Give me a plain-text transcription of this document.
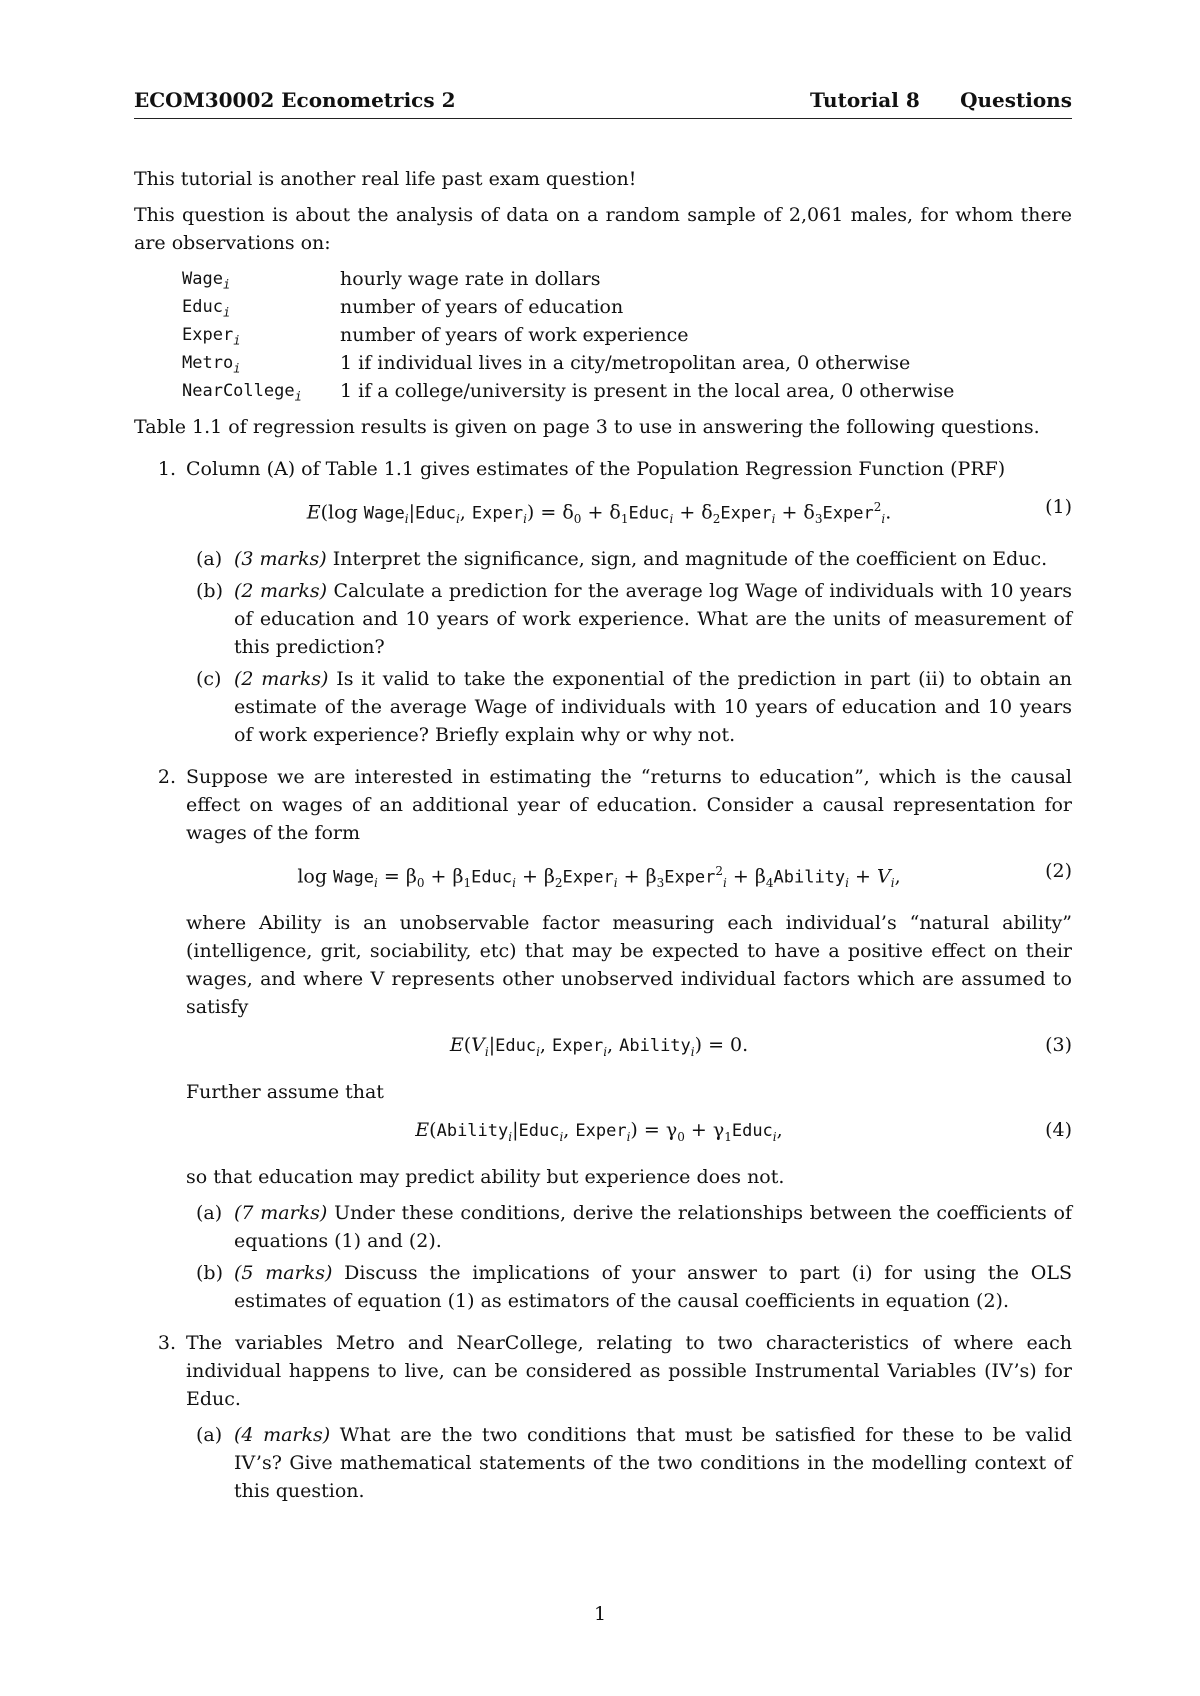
ECOM30002 Econometrics 2	Tutorial 8 Questions

This tutorial is another real life past exam question!

This question is about the analysis of data on a random sample of 2,061 males, for whom there are observations on:

Wage$_i$	hourly wage rate in dollars
Educ$_i$	number of years of education
Exper$_i$	number of years of work experience
Metro$_i$	1 if individual lives in a city/metropolitan area, 0 otherwise
NearCollege$_i$	1 if a college/university is present in the local area, 0 otherwise

Table 1.1 of regression results is given on page 3 to use in answering the following questions.

1. Column (A) of Table 1.1 gives estimates of the Population Regression Function (PRF)

E(log Wage$_i$|Educ$_i$, Exper$_i$) = $\delta_0$ + $\delta_1Educ_i$ + $\delta_2Exper_i$ + $\delta_3Exper^2_i$.	(1)
(a) (3 marks) Interpret the significance, sign, and magnitude of the coefficient on Educ.
(b) (2 marks) Calculate a prediction for the average log Wage of individuals with 10 years of education and 10 years of work experience. What are the units of measurement of this prediction?
(c) (2 marks) Is it valid to take the exponential of the prediction in part (ii) to obtain an estimate of the average Wage of individuals with 10 years of education and 10 years of work experience? Briefly explain why or why not.
2. Suppose we are interested in estimating the “returns to education”, which is the causal effect on wages of an additional year of education. Consider a causal representation for wages of the form

log Wage$_i$ = $\beta_0$ + $\beta_1Educ_i$ + $\beta_2Exper_i$ + $\beta_3Exper^2_i$ + $\beta_4Ability_i + V_i$,	(2)

where Ability is an unobservable factor measuring each individual’s “natural ability” (intelligence, grit, sociability, etc) that may be expected to have a positive effect on their wages, and where V represents other unobserved individual factors which are assumed to satisfy

$E(V_i|Educ_i$, Exper$_i$, Ability$_i$) = 0.	(3)

Further assume that

E(Ability$_i$|Educ$_i$, Exper$_i$) = $\gamma_0$ + $\gamma_1Educ_i$,	(4)

so that education may predict ability but experience does not.

(a) (7 marks) Under these conditions, derive the relationships between the coefficients of equations (1) and (2).
(b) (5 marks) Discuss the implications of your answer to part (i) for using the OLS estimates of equation (1) as estimators of the causal coefficients in equation (2).
3. The variables Metro and NearCollege, relating to two characteristics of where each individual happens to live, can be considered as possible Instrumental Variables (IV’s) for Educ.

(a) (4 marks) What are the two conditions that must be satisfied for these to be valid IV’s? Give mathematical statements of the two conditions in the modelling context of this question.
1
